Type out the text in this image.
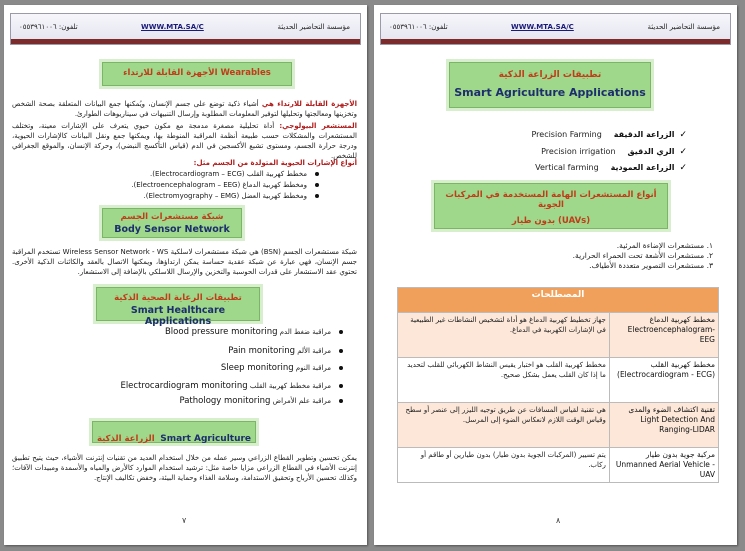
تلفون: ٠٥٥٣٩٦١٠٠٦	WWW.MTA.SA/C	مؤسسة التحاضير الحديثة
الأجهزة القابلة للارتداء Wearables
الأجهزة القابلة للارتداء هي أشياء ذكية توضع على جسم الإنسان، ويُمكنها جمع البيانات المتعلقة بصحة الشخص وتخزينها ومعالجتها وتحليلها لتوفير المعلومات المطلوبة وإرسال التنبيهات في سيناريوهات الطوارئ.
المستشعر البيولوجي: أداة تحليلية مصغرة مدمجة مع مكون حيوي يتعرف على الإشارات معينة، وتختلف المستشعرات والمشكلات حسب طبيعة أنظمة المراقبة المنوطة بها، ويمكنها جمع ونقل البيانات كالإشارات الحيوية، ودرجة حرارة الجسم، ومستوى تشبع الأكسجين في الدم (قياس التأكسج النبضي)، وحركة الإنسان، والموقع الجغرافي للشخص.
أنواع الإشارات الحيوية المتولدة من الجسم مثل:
مخطط كهربية القلب (Electrocardiogram – ECG).
ومخطط كهربية الدماغ (Electroencephalogram – EEG).
ومخطط كهربية العضل (Electromyography – EMG).
شبكة مستشعرات الجسم
Body Sensor Network
شبكة مستشعرات الجسم (BSN) هي شبكة مستشعرات لاسلكية Wireless Sensor Network - WS تستخدم المراقبة جسم الإنسان، فهي عبارة عن شبكة عقدية حساسة يمكن ارتداؤها، ويمكنها الاتصال بالعقد والكائنات الذكية الأخرى. تحتوي عقد الاستشعار على قدرات الحوسبة والتخزين والإرسال اللاسلكي بالإضافة إلى الاستشعار.
تطبيقات الرعاية الصحية الذكية
Smart Healthcare Applications
مراقبة ضغط الدم Blood pressure monitoring
مراقبة الألم Pain monitoring
مراقبة النوم Sleep monitoring
مراقبة مخطط كهربية القلب Electrocardiogram monitoring
مراقبة علم الأمراض Pathology monitoring
الزراعة الذكية Smart Agriculture
يمكن تحسين وتطوير القطاع الزراعي وسير عمله من خلال استخدام العديد من تقنيات إنترنت الأشياء، حيث يتيح تطبيق إنترنت الأشياء في القطاع الزراعي مزايا خاصة مثل: ترشيد استخدام الموارد كالأرض والمياه والأسمدة ومبيدات الآفات؛ وكذلك تحسين الأرباح وتحقيق الاستدامة، وسلامة الغذاء وحماية البيئة، وخفض تكاليف الإنتاج.
٧
تلفون: ٠٥٥٣٩٦١٠٠٦	WWW.MTA.SA/C	مؤسسة التحاضير الحديثة
تطبيقات الزراعة الذكية
Smart Agriculture Applications
✓الزراعة الدقيقةPrecision Farming
✓الري الدقيقPrecision irrigation
✓الزراعة العموديةVertical farming
أنواع المستشعرات الهامة المستخدمة في المركبات الجوية
بدون طيار (UAVs)
١. مستشعرات الإضاءة المرئية.
٢. مستشعرات الأشعة تحت الحمراء الحرارية.
٣. مستشعرات التصوير متعددة الأطياف.
المصطلحات	
جهاز تخطيط كهربية الدماغ هو أداة لتشخيص النشاطات غير الطبيعية في الإشارات الكهربية في الدماغ.	مخطط كهربية الدماغ Electroencephalogram-EEG
مخطط كهربية القلب هو اختبار يقيس النشاط الكهربائي للقلب لتحديد ما إذا كان القلب يعمل بشكل صحيح.	مخطط كهربية القلب (Electrocardiogram - ECG)
هي تقنية لقياس المسافات عن طريق توجيه الليزر إلى عنصر أو سطح وقياس الوقت اللازم لانعكاس الضوء إلى المرسل.	تقنية اكتشاف الضوء والمدى Light Detection And Ranging-LIDAR
يتم تسيير (المركبات الجوية بدون طيار) بدون طيارين أو طاقم أو ركاب.	مركبة جوية بدون طيار Unmanned Aerial Vehicle -UAV
٨
